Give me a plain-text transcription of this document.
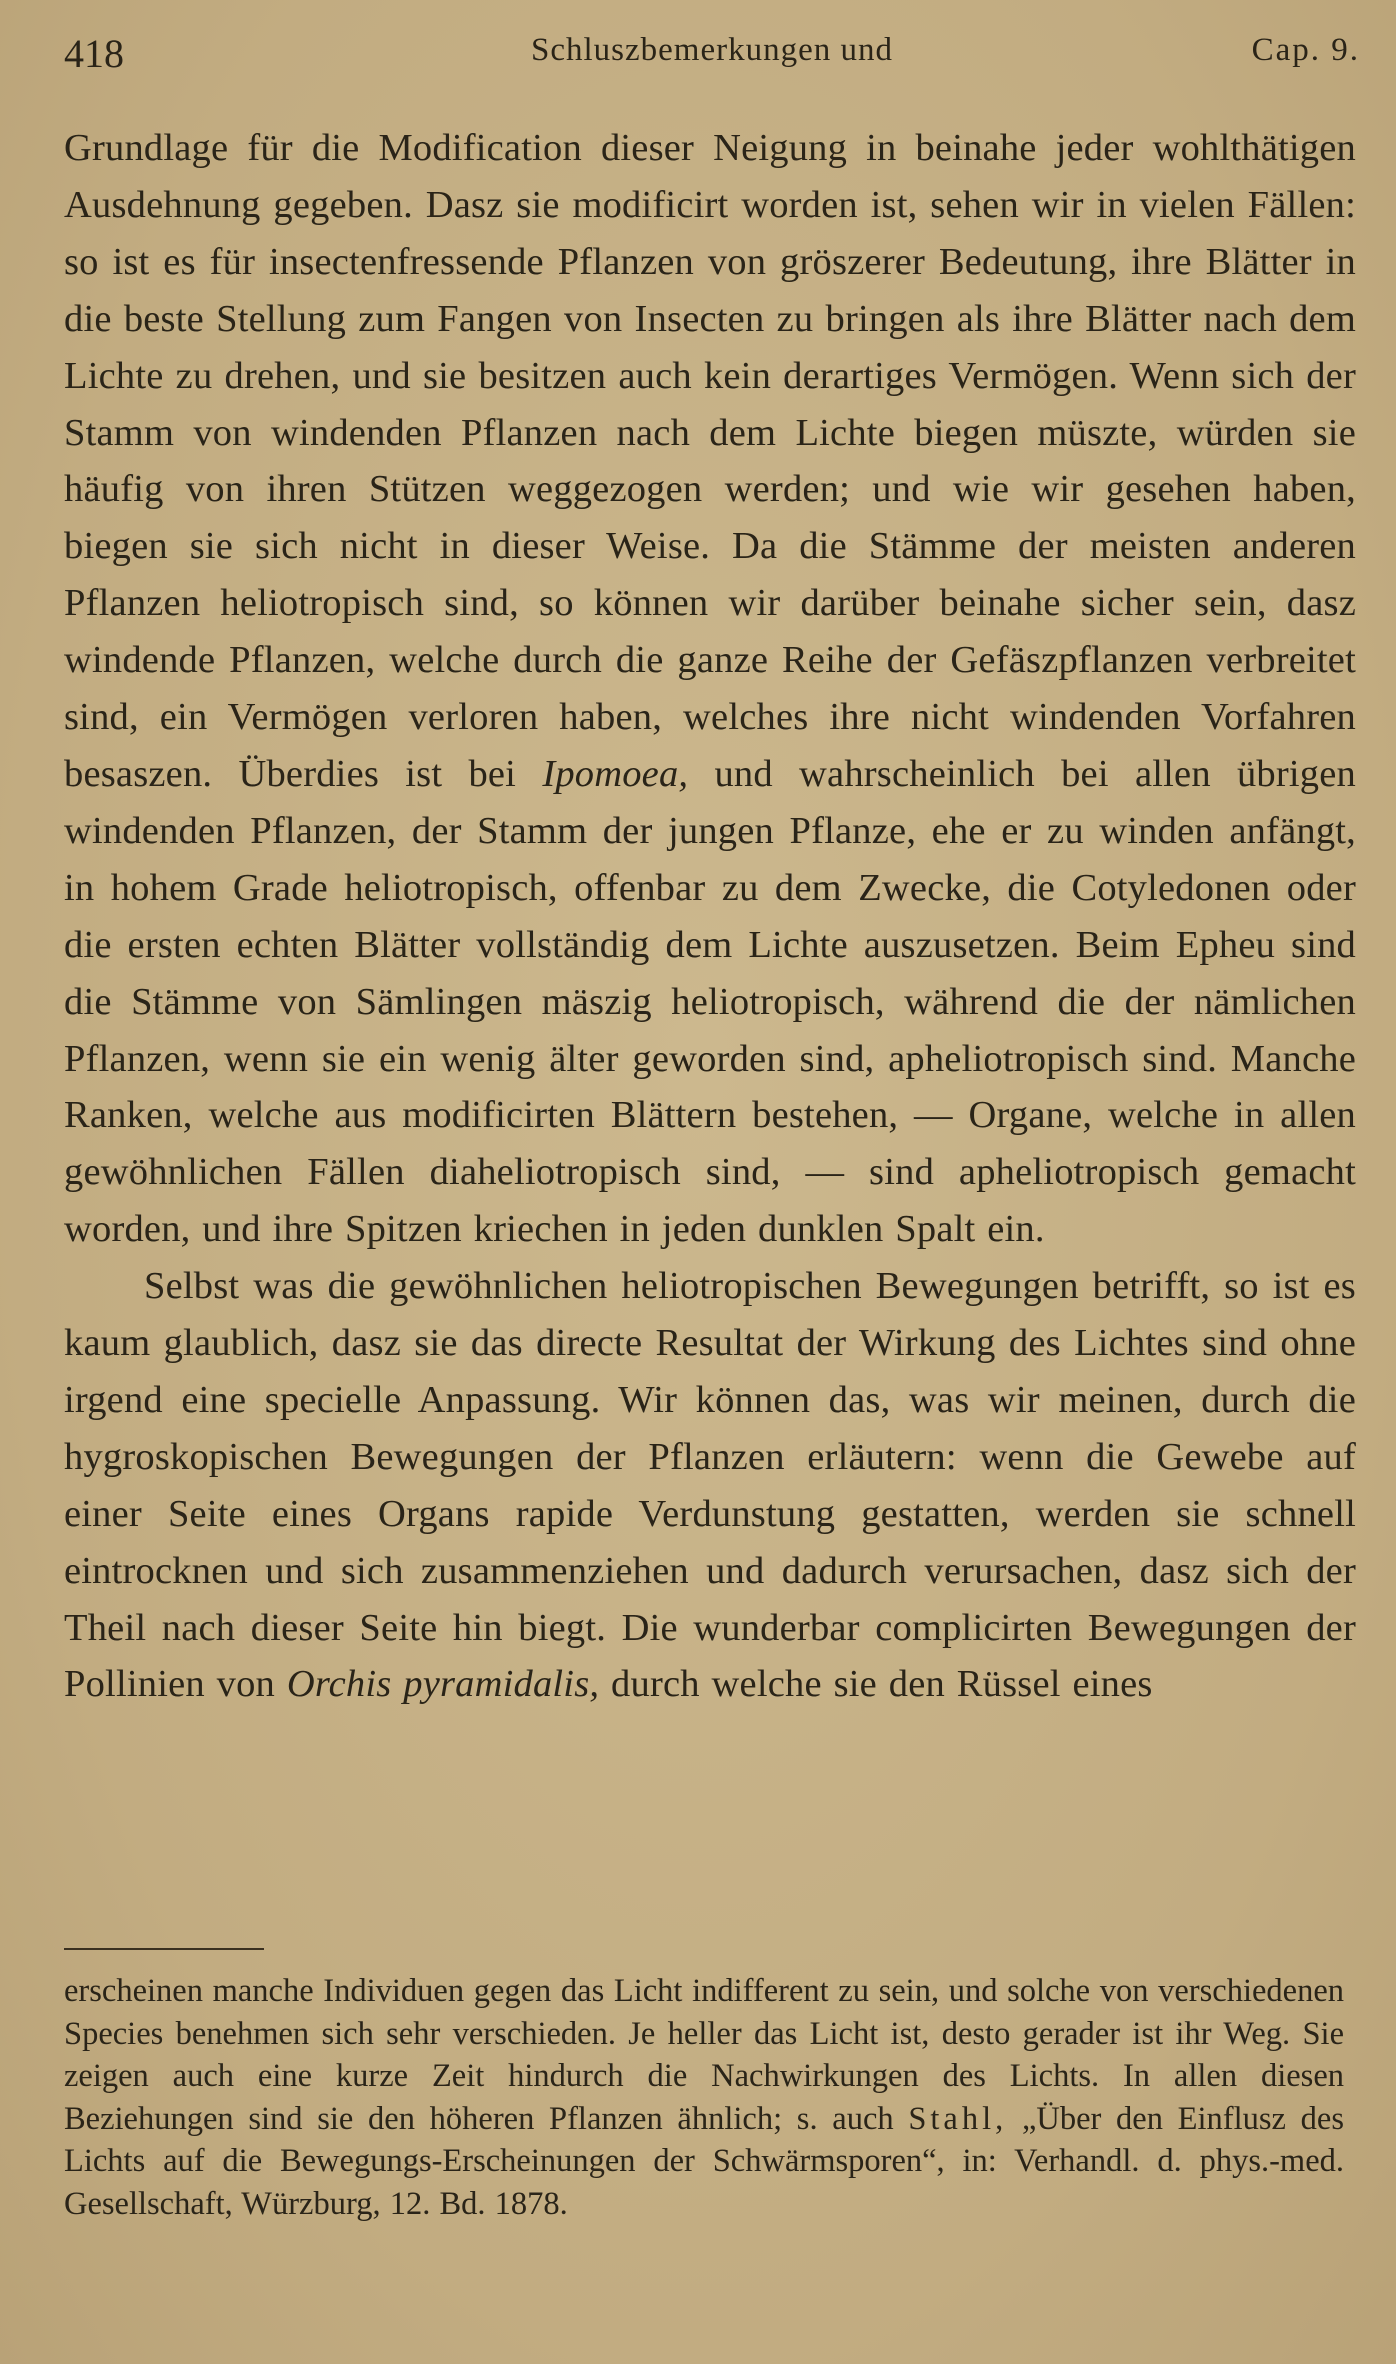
418	Schluszbemerkungen und	Cap. 9.

Grundlage für die Modification dieser Neigung in beinahe jeder wohlthätigen Ausdehnung gegeben. Dasz sie modificirt worden ist, sehen wir in vielen Fällen: so ist es für insectenfressende Pflanzen von gröszerer Bedeutung, ihre Blätter in die beste Stellung zum Fangen von Insecten zu bringen als ihre Blätter nach dem Lichte zu drehen, und sie besitzen auch kein derartiges Vermögen. Wenn sich der Stamm von windenden Pflanzen nach dem Lichte biegen müszte, würden sie häufig von ihren Stützen weggezogen werden; und wie wir gesehen haben, biegen sie sich nicht in dieser Weise. Da die Stämme der meisten anderen Pflanzen heliotropisch sind, so können wir darüber beinahe sicher sein, dasz windende Pflanzen, welche durch die ganze Reihe der Gefäszpflanzen verbreitet sind, ein Vermögen verloren haben, welches ihre nicht windenden Vorfahren besaszen. Überdies ist bei Ipomoea, und wahrscheinlich bei allen übrigen windenden Pflanzen, der Stamm der jungen Pflanze, ehe er zu winden anfängt, in hohem Grade heliotropisch, offenbar zu dem Zwecke, die Cotyledonen oder die ersten echten Blätter vollständig dem Lichte auszusetzen. Beim Epheu sind die Stämme von Sämlingen mäszig heliotropisch, während die der nämlichen Pflanzen, wenn sie ein wenig älter geworden sind, apheliotropisch sind. Manche Ranken, welche aus modificirten Blättern bestehen, — Organe, welche in allen gewöhnlichen Fällen diaheliotropisch sind, — sind apheliotropisch gemacht worden, und ihre Spitzen kriechen in jeden dunklen Spalt ein.

Selbst was die gewöhnlichen heliotropischen Bewegungen betrifft, so ist es kaum glaublich, dasz sie das directe Resultat der Wirkung des Lichtes sind ohne irgend eine specielle Anpassung. Wir können das, was wir meinen, durch die hygroskopischen Bewegungen der Pflanzen erläutern: wenn die Gewebe auf einer Seite eines Organs rapide Verdunstung gestatten, werden sie schnell eintrocknen und sich zusammenziehen und dadurch verursachen, dasz sich der Theil nach dieser Seite hin biegt. Die wunderbar complicirten Bewegungen der Pollinien von Orchis pyramidalis, durch welche sie den Rüssel eines

erscheinen manche Individuen gegen das Licht indifferent zu sein, und solche von verschiedenen Species benehmen sich sehr verschieden. Je heller das Licht ist, desto gerader ist ihr Weg. Sie zeigen auch eine kurze Zeit hindurch die Nachwirkungen des Lichts. In allen diesen Beziehungen sind sie den höheren Pflanzen ähnlich; s. auch Stahl, „Über den Einflusz des Lichts auf die Bewegungs-Erscheinungen der Schwärmsporen“, in: Verhandl. d. phys.-med. Gesellschaft, Würzburg, 12. Bd. 1878.
